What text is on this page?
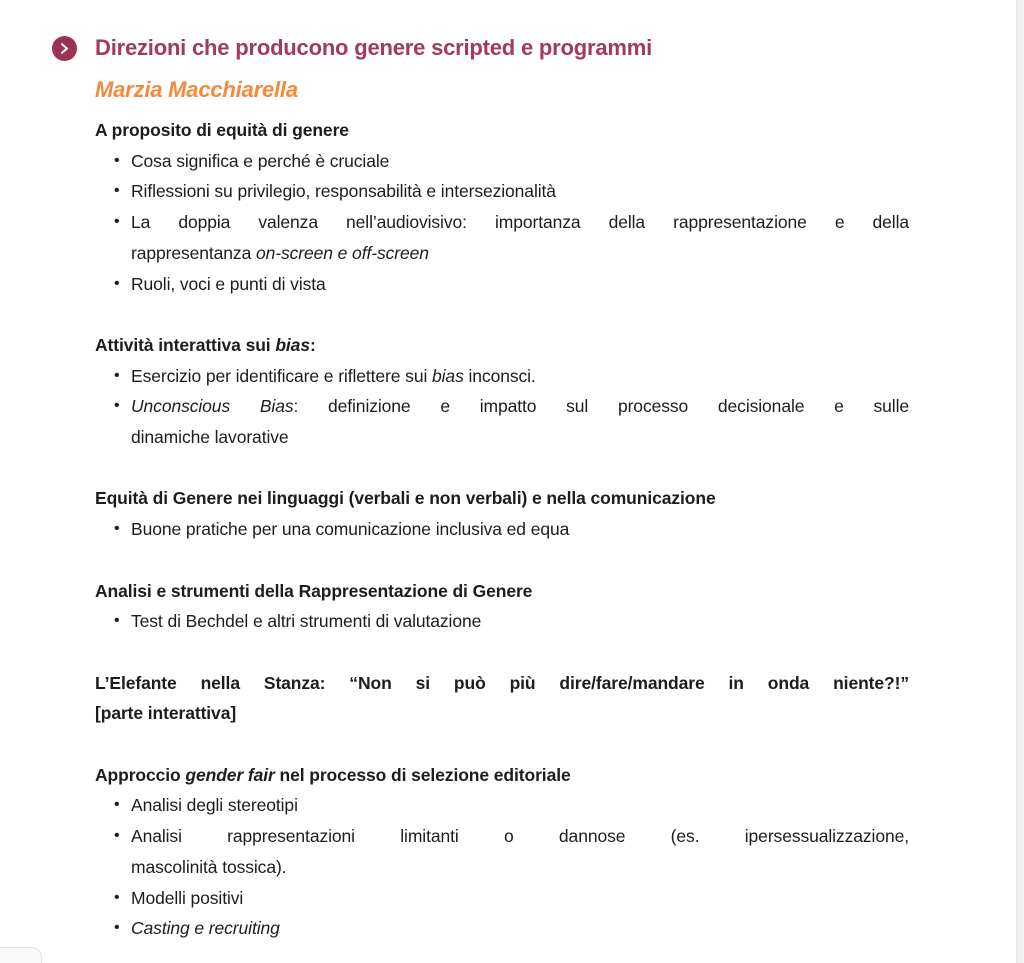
Direzioni che producono genere scripted e programmi
Marzia Macchiarella
A proposito di equità di genere
• Cosa significa e perché è cruciale
• Riflessioni su privilegio, responsabilità e intersezionalità
• La doppia valenza nell’audiovisivo: importanza della rappresentazione e della
rappresentanza on-screen e off-screen
• Ruoli, voci e punti di vista
Attività interattiva sui bias:
• Esercizio per identificare e riflettere sui bias inconsci.
• Unconscious Bias: definizione e impatto sul processo decisionale e sulle
dinamiche lavorative
Equità di Genere nei linguaggi (verbali e non verbali) e nella comunicazione
• Buone pratiche per una comunicazione inclusiva ed equa
Analisi e strumenti della Rappresentazione di Genere
• Test di Bechdel e altri strumenti di valutazione
L’Elefante nella Stanza: “Non si può più dire/fare/mandare in onda niente?!”
[parte interattiva]
Approccio gender fair nel processo di selezione editoriale
• Analisi degli stereotipi
• Analisi rappresentazioni limitanti o dannose (es. ipersessualizzazione,
mascolinità tossica).
• Modelli positivi
• Casting e recruiting
